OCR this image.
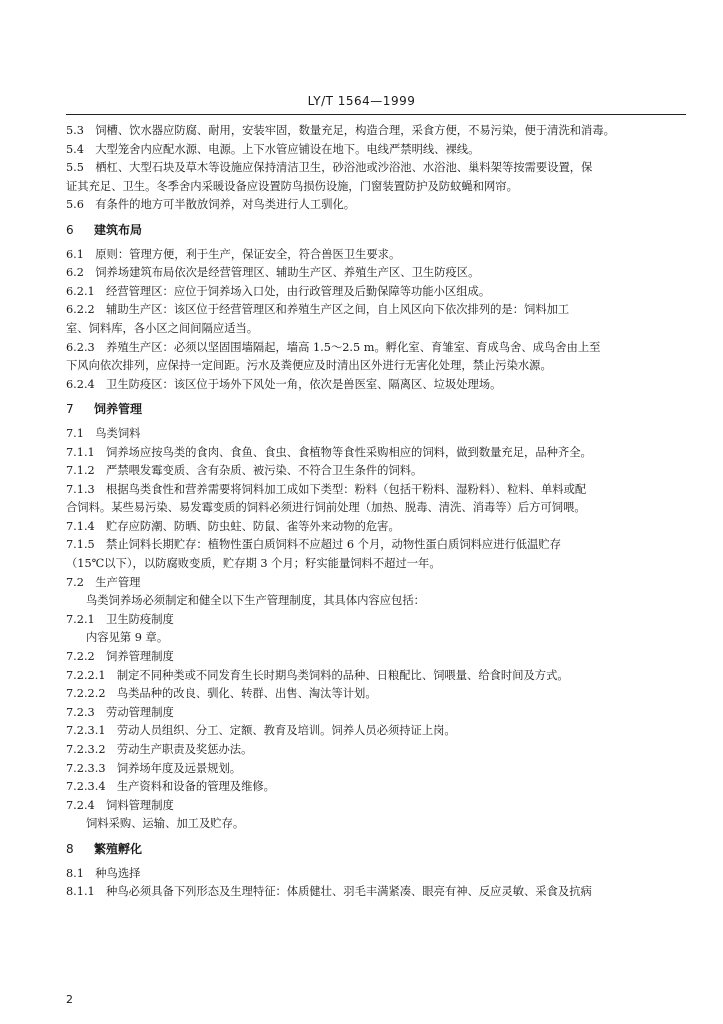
LY/T 1564—1999
5.3　饲槽、饮水器应防腐、耐用，安装牢固，数量充足，构造合理，采食方便，不易污染，便于清洗和消毒。
5.4　大型笼舍内应配水源、电源。上下水管应铺设在地下。电线严禁明线、裸线。
5.5　栖杠、大型石块及草木等设施应保持清洁卫生，砂浴池或沙浴池、水浴池、巢料架等按需要设置，保
证其充足、卫生。冬季舍内采暖设备应设置防鸟损伤设施，门窗装置防护及防蚊蝇和网帘。
5.6　有条件的地方可半散放饲养，对鸟类进行人工驯化。
6 建筑布局
6.1　原则：管理方便，利于生产，保证安全，符合兽医卫生要求。
6.2　饲养场建筑布局依次是经营管理区、辅助生产区、养殖生产区、卫生防疫区。
6.2.1　经营管理区：应位于饲养场入口处，由行政管理及后勤保障等功能小区组成。
6.2.2　辅助生产区：该区位于经营管理区和养殖生产区之间，自上风区向下依次排列的是：饲料加工
室、饲料库，各小区之间间隔应适当。
6.2.3　养殖生产区：必须以坚固围墙隔起，墙高 1.5～2.5 m。孵化室、育雏室、育成鸟舍、成鸟舍由上至
下风向依次排列，应保持一定间距。污水及粪便应及时清出区外进行无害化处理，禁止污染水源。
6.2.4　卫生防疫区：该区位于场外下风处一角，依次是兽医室、隔离区、垃圾处理场。
7 饲养管理
7.1　鸟类饲料
7.1.1　饲养场应按鸟类的食肉、食鱼、食虫、食植物等食性采购相应的饲料，做到数量充足，品种齐全。
7.1.2　严禁喂发霉变质、含有杂质、被污染、不符合卫生条件的饲料。
7.1.3　根据鸟类食性和营养需要将饲料加工成如下类型：粉料（包括干粉料、湿粉料）、粒料、单料或配
合饲料。某些易污染、易发霉变质的饲料必须进行饲前处理（加热、脱毒、清洗、消毒等）后方可饲喂。
7.1.4　贮存应防潮、防晒、防虫蛀、防鼠、雀等外来动物的危害。
7.1.5　禁止饲料长期贮存：植物性蛋白质饲料不应超过 6 个月，动物性蛋白质饲料应进行低温贮存
（15℃以下），以防腐败变质，贮存期 3 个月；籽实能量饲料不超过一年。
7.2　生产管理
鸟类饲养场必须制定和健全以下生产管理制度，其具体内容应包括：
7.2.1　卫生防疫制度
内容见第 9 章。
7.2.2　饲养管理制度
7.2.2.1　制定不同种类或不同发育生长时期鸟类饲料的品种、日粮配比、饲喂量、给食时间及方式。
7.2.2.2　鸟类品种的改良、驯化、转群、出售、淘汰等计划。
7.2.3　劳动管理制度
7.2.3.1　劳动人员组织、分工、定额、教育及培训。饲养人员必须持证上岗。
7.2.3.2　劳动生产职责及奖惩办法。
7.2.3.3　饲养场年度及远景规划。
7.2.3.4　生产资料和设备的管理及维修。
7.2.4　饲料管理制度
饲料采购、运输、加工及贮存。
8 繁殖孵化
8.1　种鸟选择
8.1.1　种鸟必须具备下列形态及生理特征：体质健壮、羽毛丰满紧凑、眼亮有神、反应灵敏、采食及抗病
2
